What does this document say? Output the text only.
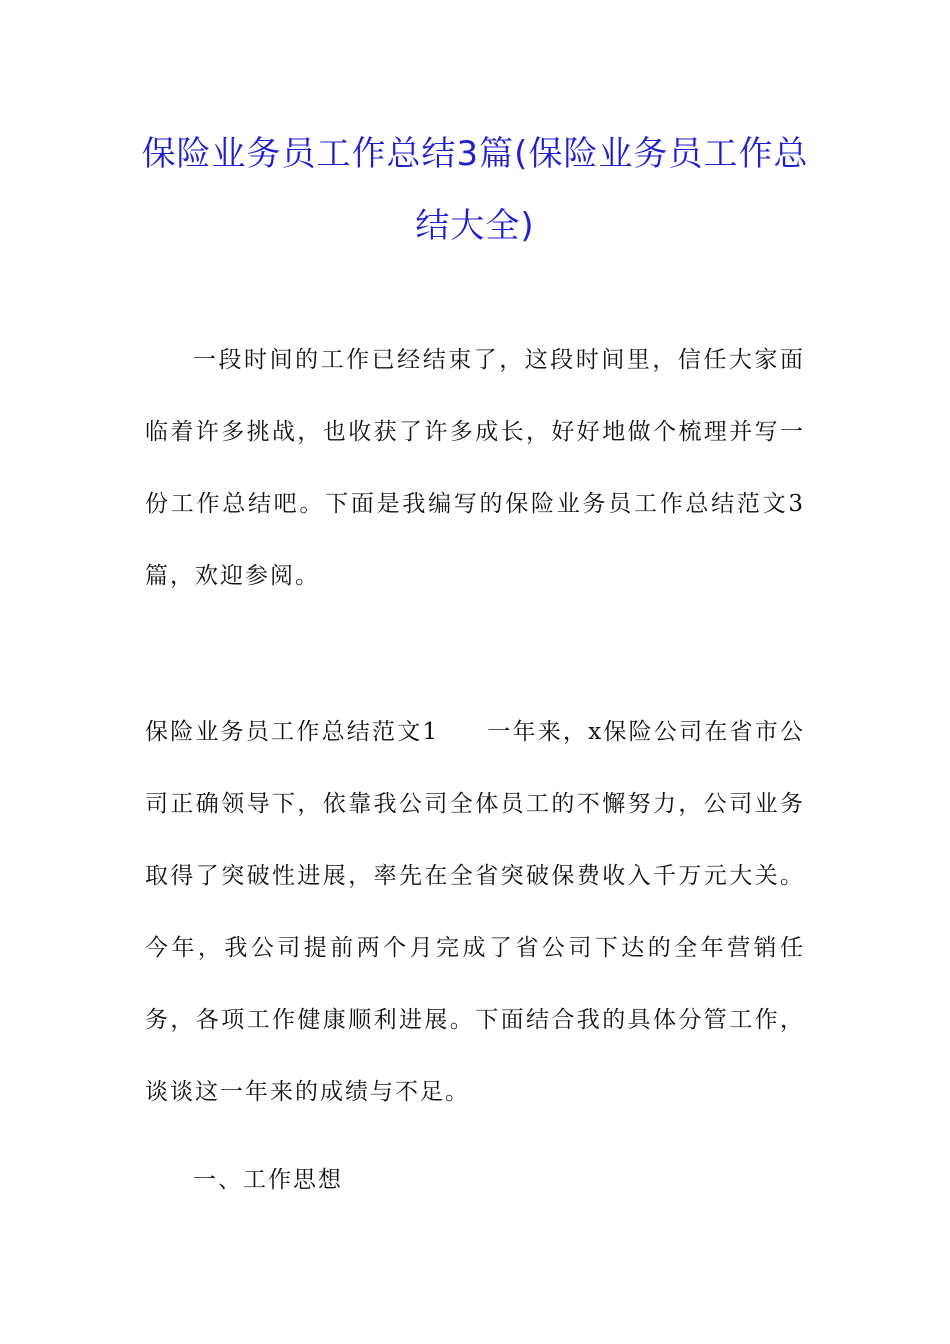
保险业务员工作总结3篇(保险业务员工作总结大全)

一段时间的工作已经结束了，这段时间里，信任大家面临着许多挑战，也收获了许多成长，好好地做个梳理并写一份工作总结吧。下面是我编写的保险业务员工作总结范文3篇，欢迎参阅。

保险业务员工作总结范文1 一年来，x保险公司在省市公司正确领导下，依靠我公司全体员工的不懈努力，公司业务取得了突破性进展，率先在全省突破保费收入千万元大关。今年，我公司提前两个月完成了省公司下达的全年营销任务，各项工作健康顺利进展。下面结合我的具体分管工作，谈谈这一年来的成绩与不足。

一、工作思想
